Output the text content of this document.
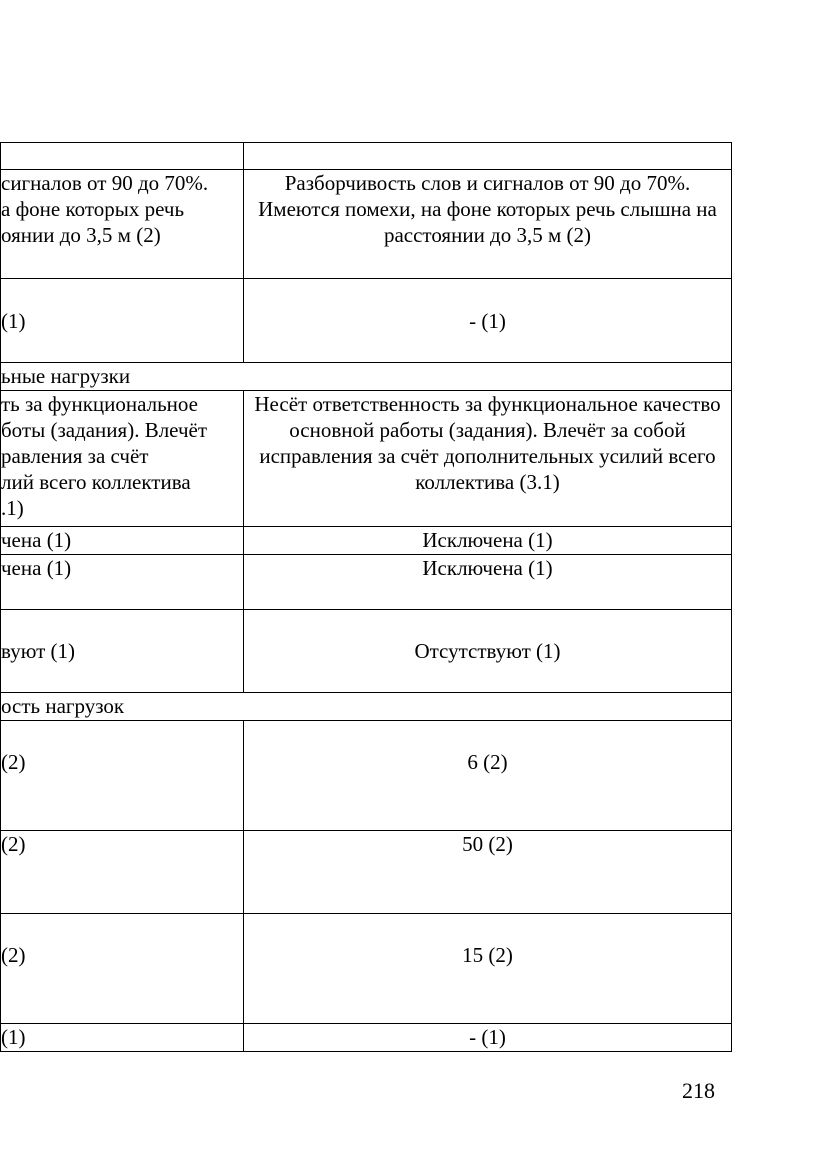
сигналов от 90 до 70%.
а фоне которых речь
оянии до 3,5 м (2)	Разборчивость слов и сигналов от 90 до 70%. Имеются помехи, на фоне которых речь слышна на расстоянии до 3,5 м (2)

(1)	- (1)
ьные нагрузки	

ть за функциональное
боты (задания). Влечёт
равления за счёт
лий всего коллектива
.1)	Несёт ответственность за функциональное качество основной работы (задания). Влечёт за собой исправления за счёт дополнительных усилий всего коллектива (3.1)

чена (1)	Исключена (1)

чена (1)	Исключена (1)

вуют (1)	Отсутствуют (1)
ость нагрузок	

(2)	6 (2)

(2)	50 (2)

(2)	15 (2)

(1)	- (1)
218
